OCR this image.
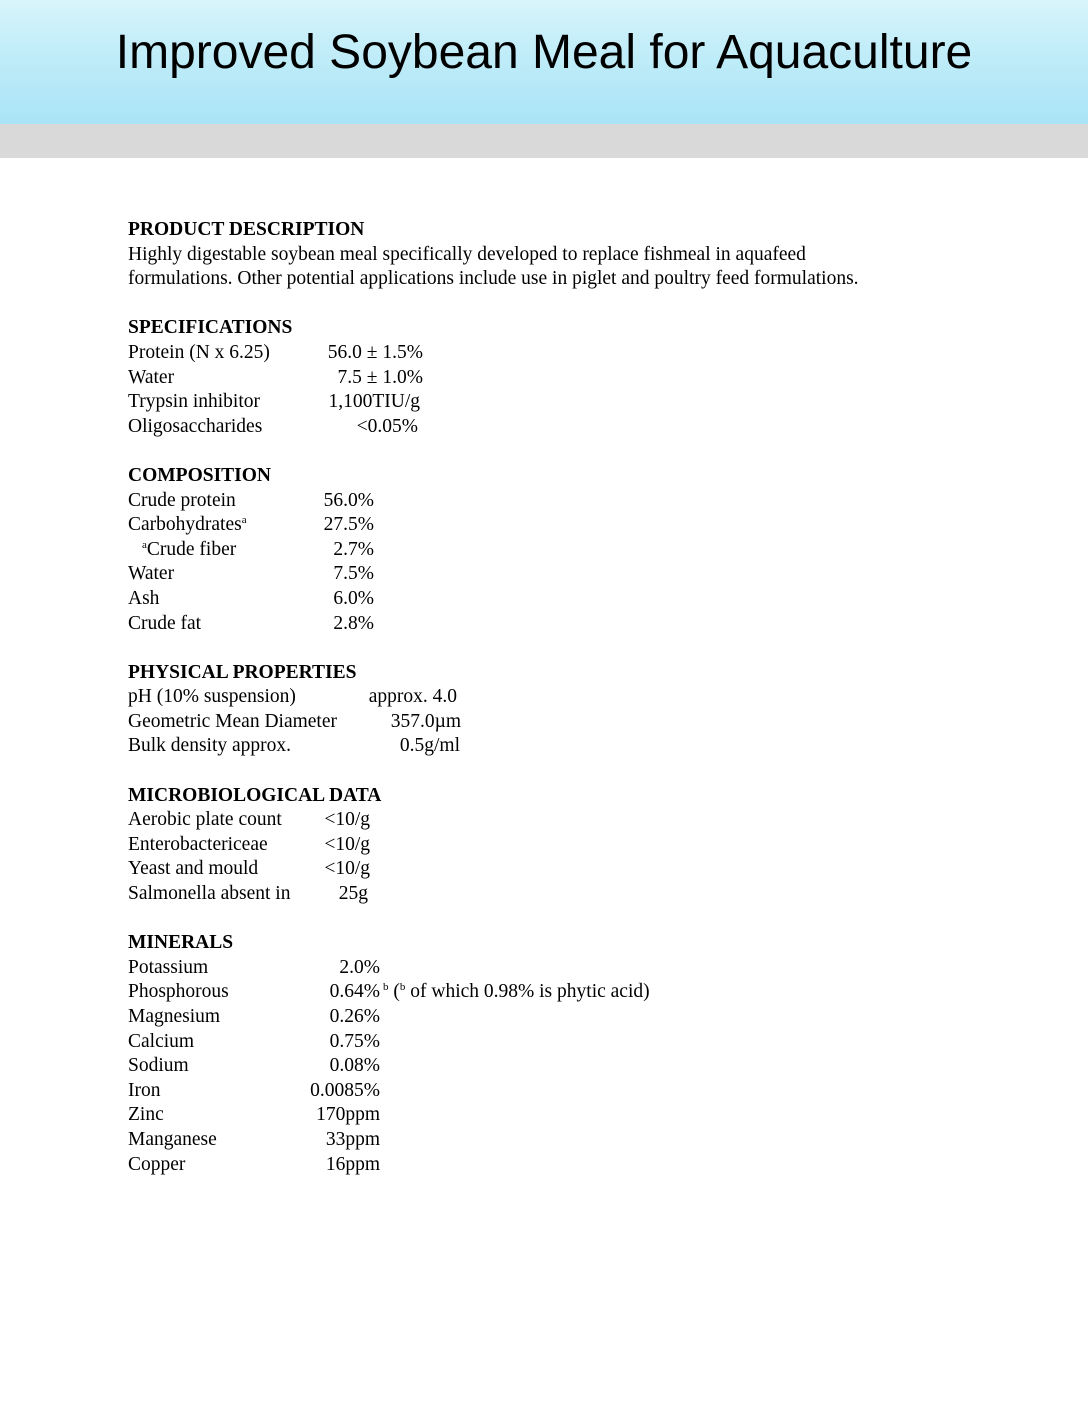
Improved Soybean Meal for Aquaculture
PRODUCT DESCRIPTION
Highly digestable soybean meal specifically developed to replace fishmeal in aquafeed
formulations. Other potential applications include use in piglet and poultry feed formulations.
SPECIFICATIONS
Protein (N x 6.25)	56.0 ± 1.5%
Water	7.5 ± 1.0%
Trypsin inhibitor	1,100TIU/g
Oligosaccharides	<0.05%
COMPOSITION
Crude protein	56.0%
Carbohydrates$^a$	27.5%
$^a$Crude fiber	2.7%
Water	7.5%
Ash	6.0%
Crude fat	2.8%
PHYSICAL PROPERTIES
pH (10% suspension)	approx. 4.0
Geometric Mean Diameter	357.0µm
Bulk density approx.	0.5g/ml
MICROBIOLOGICAL DATA
Aerobic plate count	<10/g
Enterobactericeae	<10/g
Yeast and mould	<10/g
Salmonella absent in	25g
MINERALS
Potassium	2.0%
Phosphorous	0.64% $^b$ ($^b$ of which 0.98% is phytic acid)
Magnesium	0.26%
Calcium	0.75%
Sodium	0.08%
Iron	0.0085%
Zinc	170ppm
Manganese	33ppm
Copper	16ppm
